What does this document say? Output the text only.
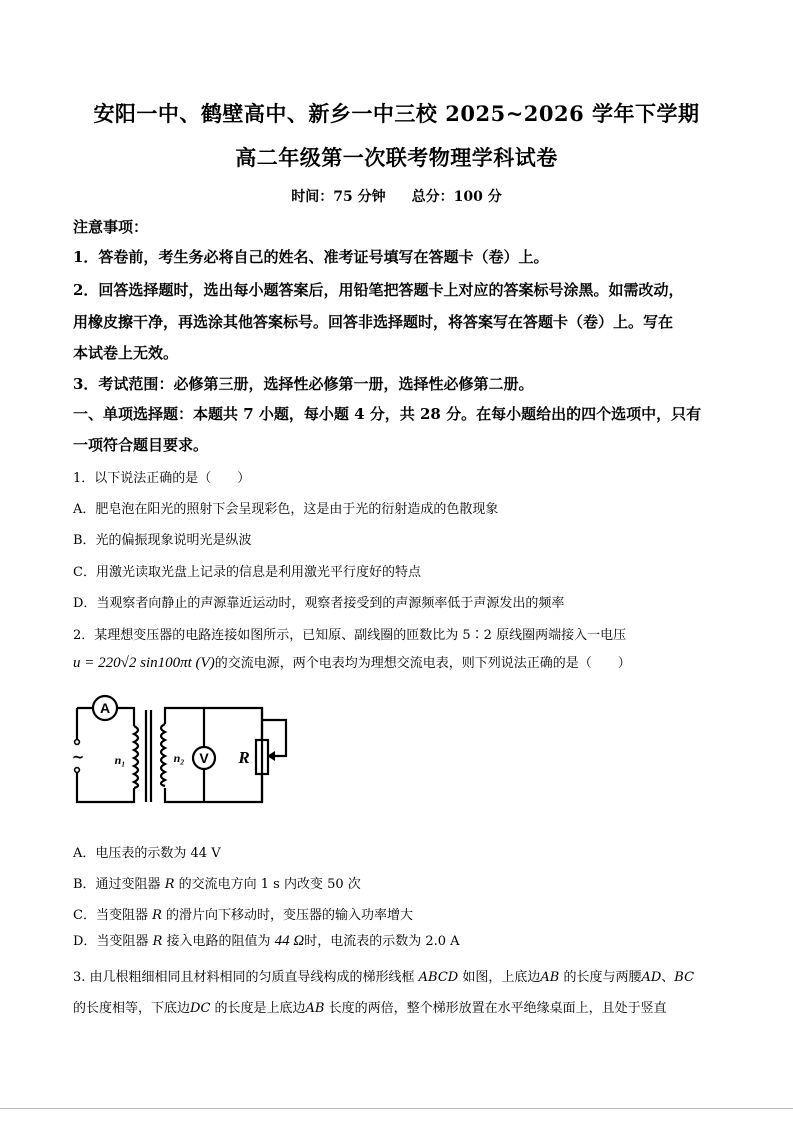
安阳一中、鹤壁高中、新乡一中三校 2025~2026 学年下学期
高二年级第一次联考物理学科试卷
时间：75 分钟 总分：100 分
注意事项：
1．答卷前，考生务必将自己的姓名、准考证号填写在答题卡（卷）上。
2．回答选择题时，选出每小题答案后，用铅笔把答题卡上对应的答案标号涂黑。如需改动，
用橡皮擦干净，再选涂其他答案标号。回答非选择题时，将答案写在答题卡（卷）上。写在
本试卷上无效。
3．考试范围：必修第三册，选择性必修第一册，选择性必修第二册。
一、单项选择题：本题共 7 小题，每小题 4 分，共 28 分。在每小题给出的四个选项中，只有
一项符合题目要求。
1．以下说法正确的是（　　）
A．肥皂泡在阳光的照射下会呈现彩色，这是由于光的衍射造成的色散现象
B．光的偏振现象说明光是纵波
C．用激光读取光盘上记录的信息是利用激光平行度好的特点
D．当观察者向静止的声源靠近运动时，观察者接受到的声源频率低于声源发出的频率
2．某理想变压器的电路连接如图所示，已知原、副线圈的匝数比为 5∶2 原线圈两端接入一电压
u = 220√2 sin100πt (V)的交流电源，两个电表均为理想交流电表，则下列说法正确的是（　　）
A
V R
n₁	n₂
~
A．电压表的示数为 44 V
B．通过变阻器 R 的交流电方向 1 s 内改变 50 次
C．当变阻器 R 的滑片向下移动时，变压器的输入功率增大
D．当变阻器 R 接入电路的阻值为 44 Ω时，电流表的示数为 2.0 A
3. 由几根粗细相同且材料相同的匀质直导线构成的梯形线框 ABCD 如图，上底边AB 的长度与两腰AD、BC
的长度相等，下底边DC 的长度是上底边AB 长度的两倍，整个梯形放置在水平绝缘桌面上，且处于竖直
